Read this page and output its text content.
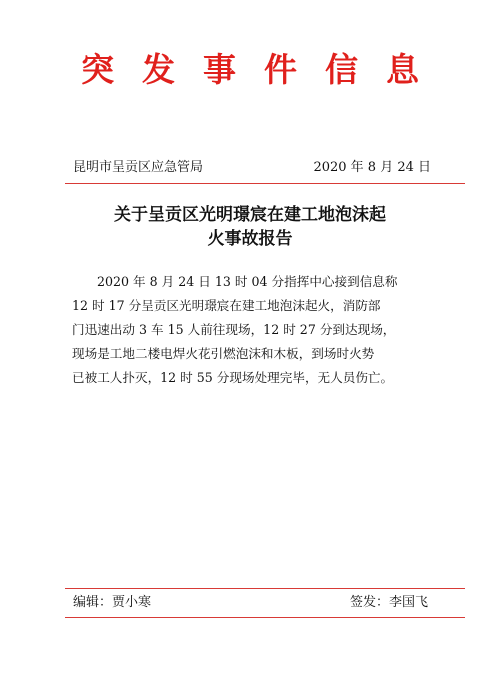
突发事件信息
昆明市呈贡区应急管局	2020 年 8 月 24 日
关于呈贡区光明璟宸在建工地泡沫起
火事故报告
2020 年 8 月 24 日 13 时 04 分指挥中心接到信息称
12 时 17 分呈贡区光明璟宸在建工地泡沫起火，消防部
门迅速出动 3 车 15 人前往现场，12 时 27 分到达现场，
现场是工地二楼电焊火花引燃泡沫和木板，到场时火势
已被工人扑灭，12 时 55 分现场处理完毕，无人员伤亡。
编辑：贾小寒	签发：李国飞
